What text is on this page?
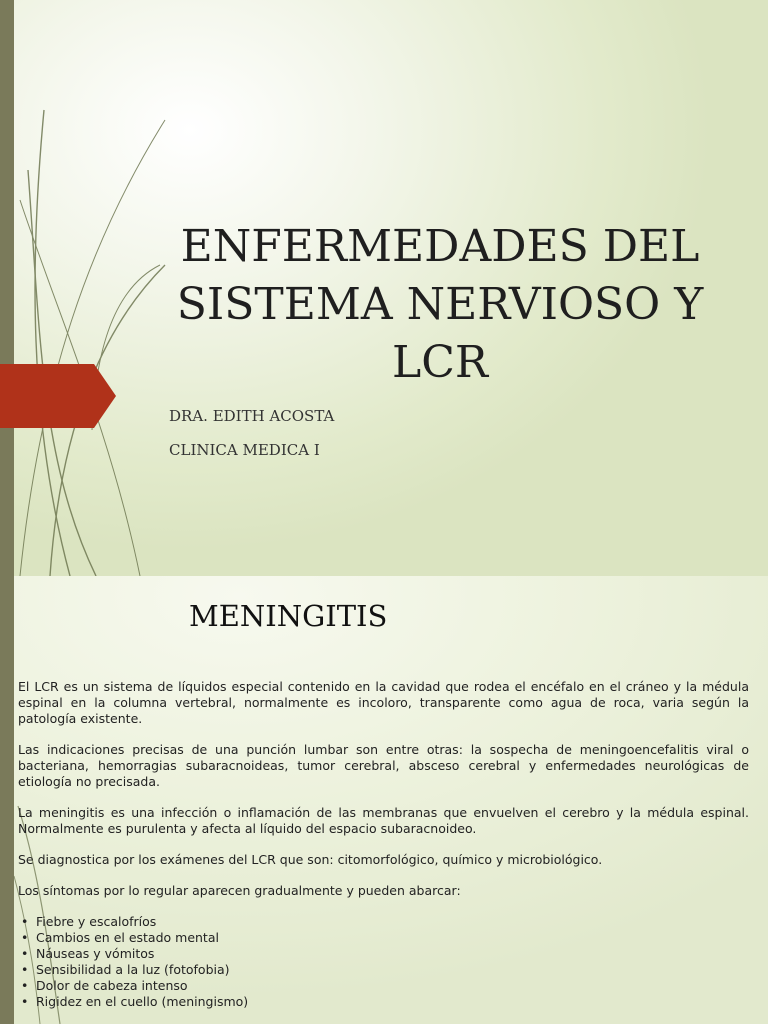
ENFERMEDADES DEL
SISTEMA NERVIOSO Y
LCR
DRA. EDITH ACOSTA
CLINICA MEDICA I
MENINGITIS

El LCR es un sistema de líquidos especial contenido en la cavidad que rodea el encéfalo en el cráneo y la médula espinal en la columna vertebral, normalmente es incoloro, transparente como agua de roca, varia según la patología existente.

Las indicaciones precisas de una punción lumbar son entre otras: la sospecha de meningoencefalitis viral o bacteriana, hemorragias subaracnoideas, tumor cerebral, absceso cerebral y enfermedades neurológicas de etiología no precisada.

La meningitis es una infección o inflamación de las membranas que envuelven el cerebro y la médula espinal. Normalmente es purulenta y afecta al líquido del espacio subaracnoideo.

Se diagnostica por los exámenes del LCR que son: citomorfológico, químico y microbiológico.

Los síntomas por lo regular aparecen gradualmente y pueden abarcar:

• Fiebre y escalofríos
• Cambios en el estado mental
• Náuseas y vómitos
• Sensibilidad a la luz (fotofobia)
• Dolor de cabeza intenso
• Rigidez en el cuello (meningismo)
